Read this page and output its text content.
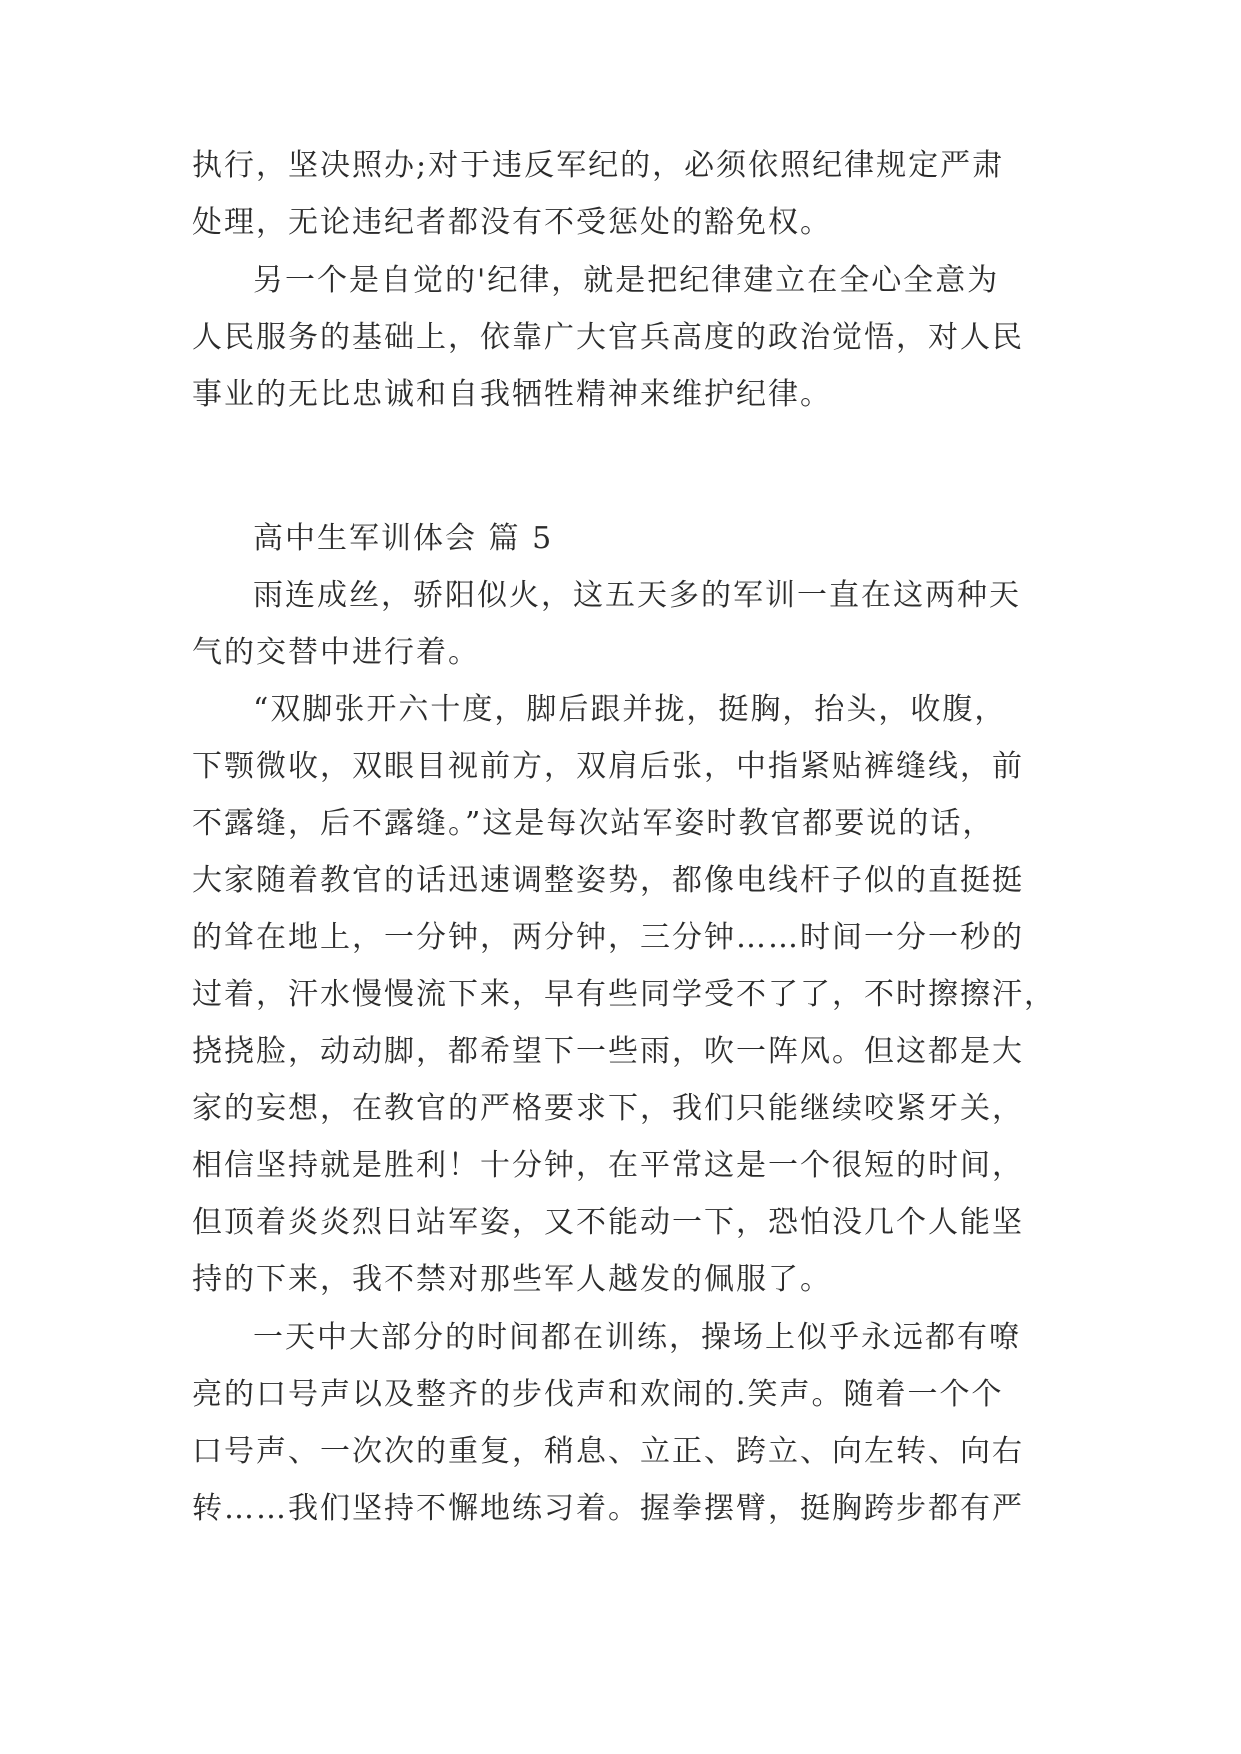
执行，坚决照办;对于违反军纪的，必须依照纪律规定严肃
处理，无论违纪者都没有不受惩处的豁免权。
另一个是自觉的'纪律，就是把纪律建立在全心全意为
人民服务的基础上，依靠广大官兵高度的政治觉悟，对人民
事业的无比忠诚和自我牺牲精神来维护纪律。
高中生军训体会 篇 5
雨连成丝，骄阳似火，这五天多的军训一直在这两种天
气的交替中进行着。
“双脚张开六十度，脚后跟并拢，挺胸，抬头，收腹，
下颚微收，双眼目视前方，双肩后张，中指紧贴裤缝线，前
不露缝，后不露缝。”这是每次站军姿时教官都要说的话，
大家随着教官的话迅速调整姿势，都像电线杆子似的直挺挺
的耸在地上，一分钟，两分钟，三分钟……时间一分一秒的
过着，汗水慢慢流下来，早有些同学受不了了，不时擦擦汗，
挠挠脸，动动脚，都希望下一些雨，吹一阵风。但这都是大
家的妄想，在教官的严格要求下，我们只能继续咬紧牙关，
相信坚持就是胜利！十分钟，在平常这是一个很短的时间，
但顶着炎炎烈日站军姿，又不能动一下，恐怕没几个人能坚
持的下来，我不禁对那些军人越发的佩服了。
一天中大部分的时间都在训练，操场上似乎永远都有嘹
亮的口号声以及整齐的步伐声和欢闹的.笑声。随着一个个
口号声、一次次的重复，稍息、立正、跨立、向左转、向右
转……我们坚持不懈地练习着。握拳摆臂，挺胸跨步都有严
